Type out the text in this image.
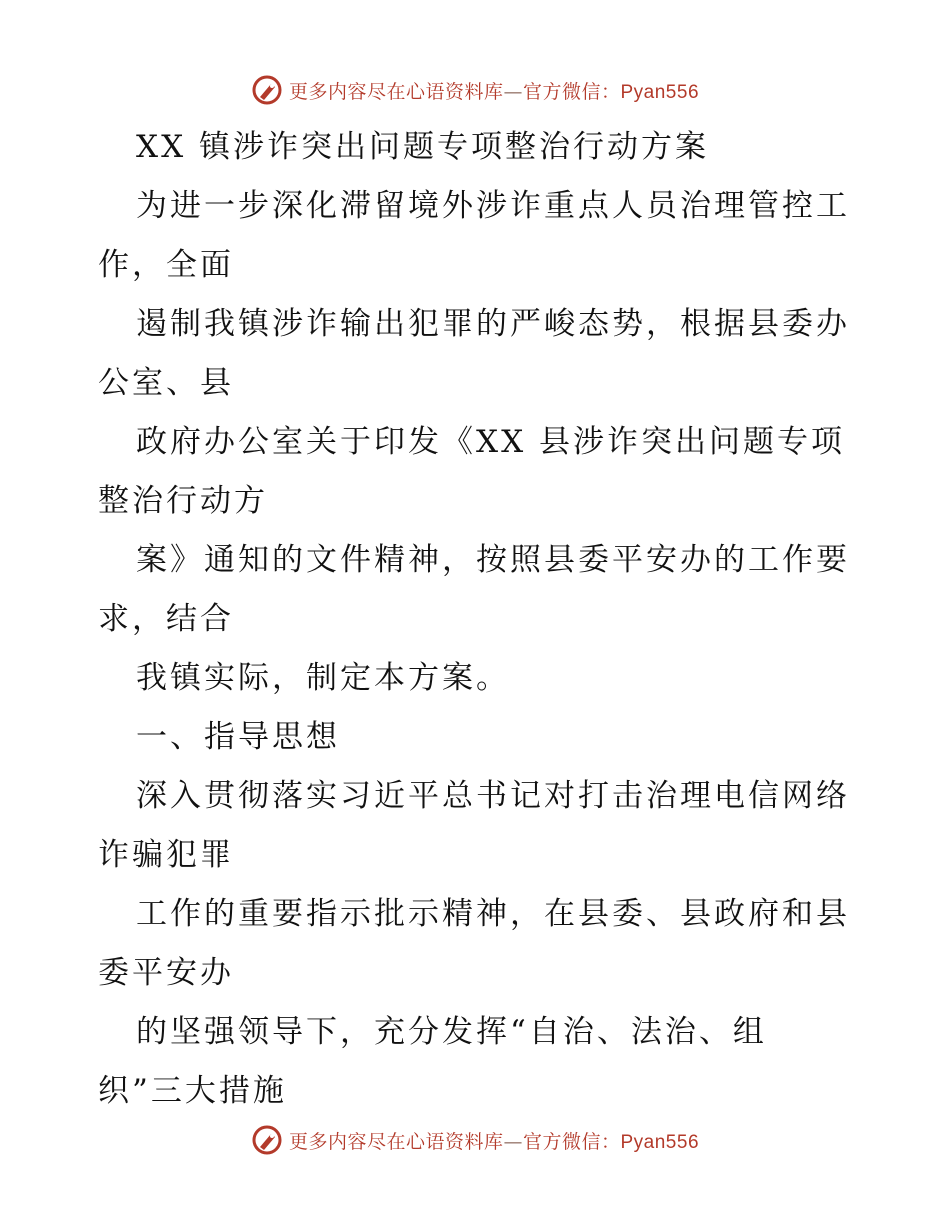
更多内容尽在心语资料库—官方微信：Pyan556
XX 镇涉诈突出问题专项整治行动方案
为进一步深化滞留境外涉诈重点人员治理管控工
作，全面
遏制我镇涉诈输出犯罪的严峻态势，根据县委办
公室、县
政府办公室关于印发《XX 县涉诈突出问题专项
整治行动方
案》通知的文件精神，按照县委平安办的工作要
求，结合
我镇实际，制定本方案。
一、指导思想
深入贯彻落实习近平总书记对打击治理电信网络
诈骗犯罪
工作的重要指示批示精神，在县委、县政府和县
委平安办
的坚强领导下，充分发挥“自治、法治、组
织”三大措施
更多内容尽在心语资料库—官方微信：Pyan556
